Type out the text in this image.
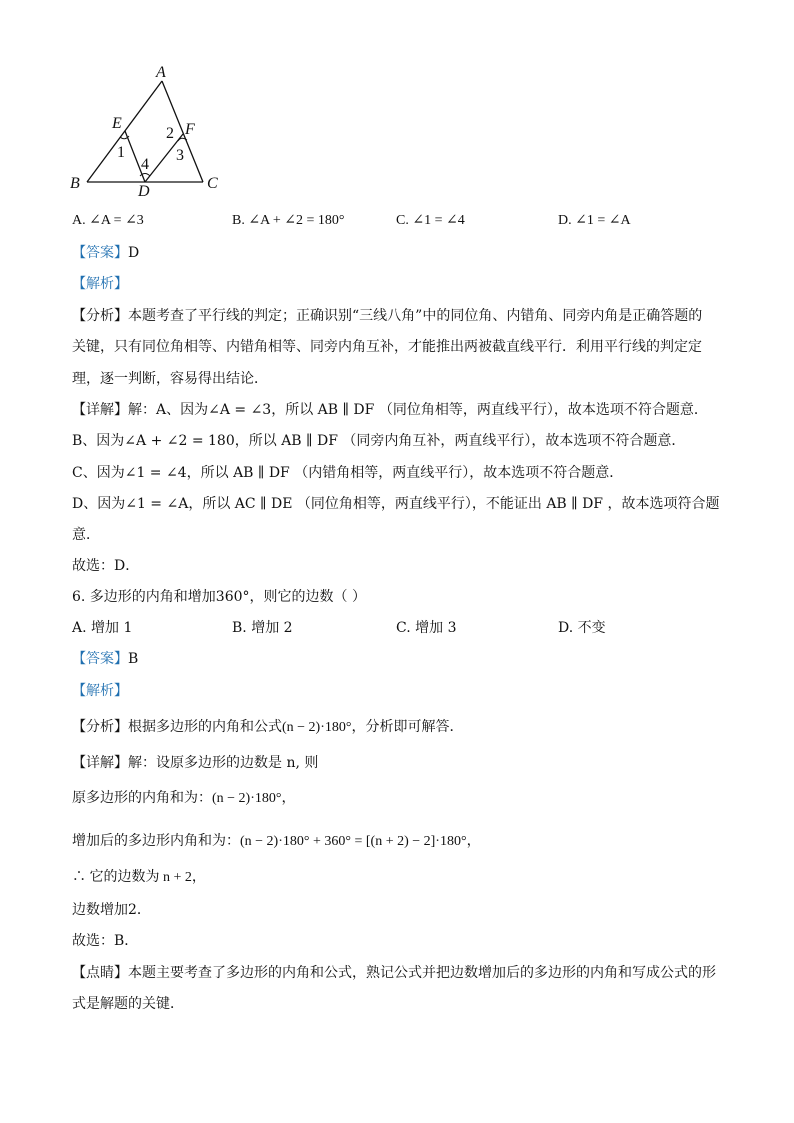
A
B	C
D
E	F
1
2
3
4
A. ∠A = ∠3	B. ∠A + ∠2 = 180°	C. ∠1 = ∠4	D. ∠1 = ∠A
【答案】D
【解析】
【分析】本题考查了平行线的判定；正确识别“三线八角”中的同位角、内错角、同旁内角是正确答题的
关键，只有同位角相等、内错角相等、同旁内角互补，才能推出两被截直线平行．利用平行线的判定定
理，逐一判断，容易得出结论．
【详解】解：A、因为∠A = ∠3，所以 AB ∥ DF （同位角相等，两直线平行），故本选项不符合题意．
B、因为∠A + ∠2 = 180，所以 AB ∥ DF （同旁内角互补，两直线平行），故本选项不符合题意．
C、因为∠1 = ∠4，所以 AB ∥ DF （内错角相等，两直线平行），故本选项不符合题意．
D、因为∠1 = ∠A，所以 AC ∥ DE （同位角相等，两直线平行），不能证出 AB ∥ DF ，故本选项符合题
意．
故选：D．
6. 多边形的内角和增加360°，则它的边数（ ）
A. 增加 1	B. 增加 2	C. 增加 3	D. 不变
【答案】B
【解析】
【分析】根据多边形的内角和公式(n − 2)·180°，分析即可解答．
【详解】解：设原多边形的边数是 n, 则
原多边形的内角和为：(n − 2)·180°，
增加后的多边形内角和为：(n − 2)·180° + 360° = [(n + 2) − 2]·180°，
∴ 它的边数为 n + 2，
边数增加2．
故选：B．
【点睛】本题主要考查了多边形的内角和公式，熟记公式并把边数增加后的多边形的内角和写成公式的形
式是解题的关键．
